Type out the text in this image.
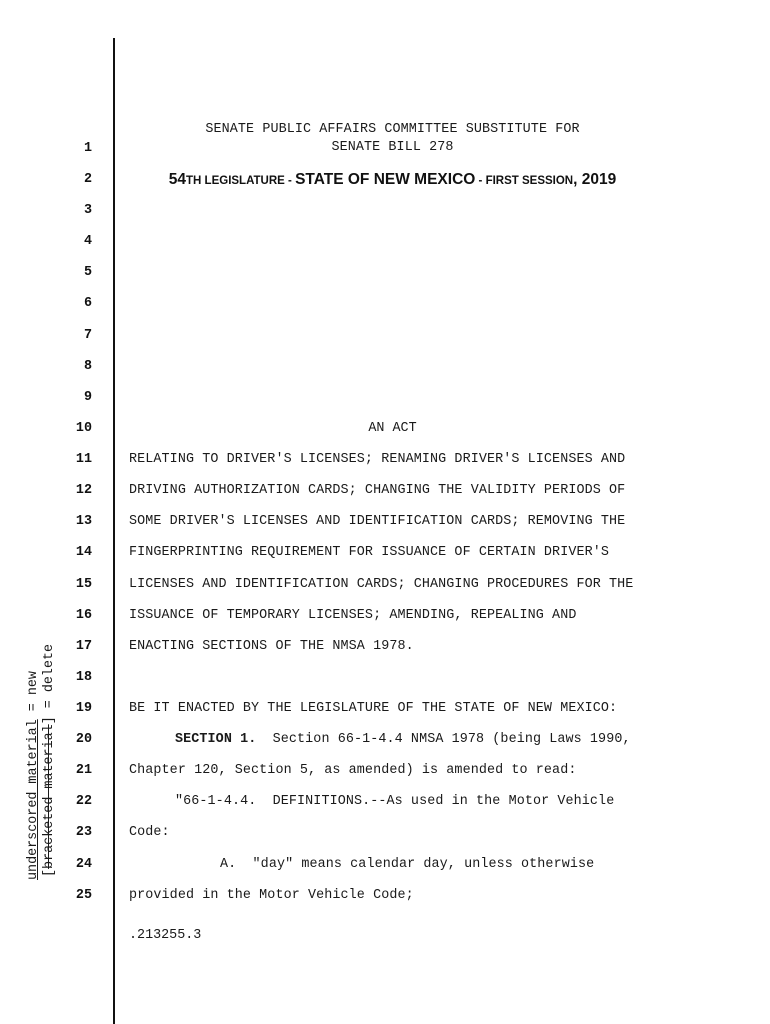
underscored material = new
[bracketed material] = delete
SENATE PUBLIC AFFAIRS COMMITTEE SUBSTITUTE FOR
SENATE BILL 278
54TH LEGISLATURE - STATE OF NEW MEXICO - FIRST SESSION, 2019
1
2
3
4
5
6
7
8
9
10
11
12
13
14
15
16
17
18
19
20
21
22
23
24
25
AN ACT
RELATING TO DRIVER'S LICENSES; RENAMING DRIVER'S LICENSES AND
DRIVING AUTHORIZATION CARDS; CHANGING THE VALIDITY PERIODS OF
SOME DRIVER'S LICENSES AND IDENTIFICATION CARDS; REMOVING THE
FINGERPRINTING REQUIREMENT FOR ISSUANCE OF CERTAIN DRIVER'S
LICENSES AND IDENTIFICATION CARDS; CHANGING PROCEDURES FOR THE
ISSUANCE OF TEMPORARY LICENSES; AMENDING, REPEALING AND
ENACTING SECTIONS OF THE NMSA 1978.
BE IT ENACTED BY THE LEGISLATURE OF THE STATE OF NEW MEXICO:
SECTION 1.  Section 66-1-4.4 NMSA 1978 (being Laws 1990,
Chapter 120, Section 5, as amended) is amended to read:
"66-1-4.4.  DEFINITIONS.--As used in the Motor Vehicle
Code:
A.  "day" means calendar day, unless otherwise
provided in the Motor Vehicle Code;
.213255.3
